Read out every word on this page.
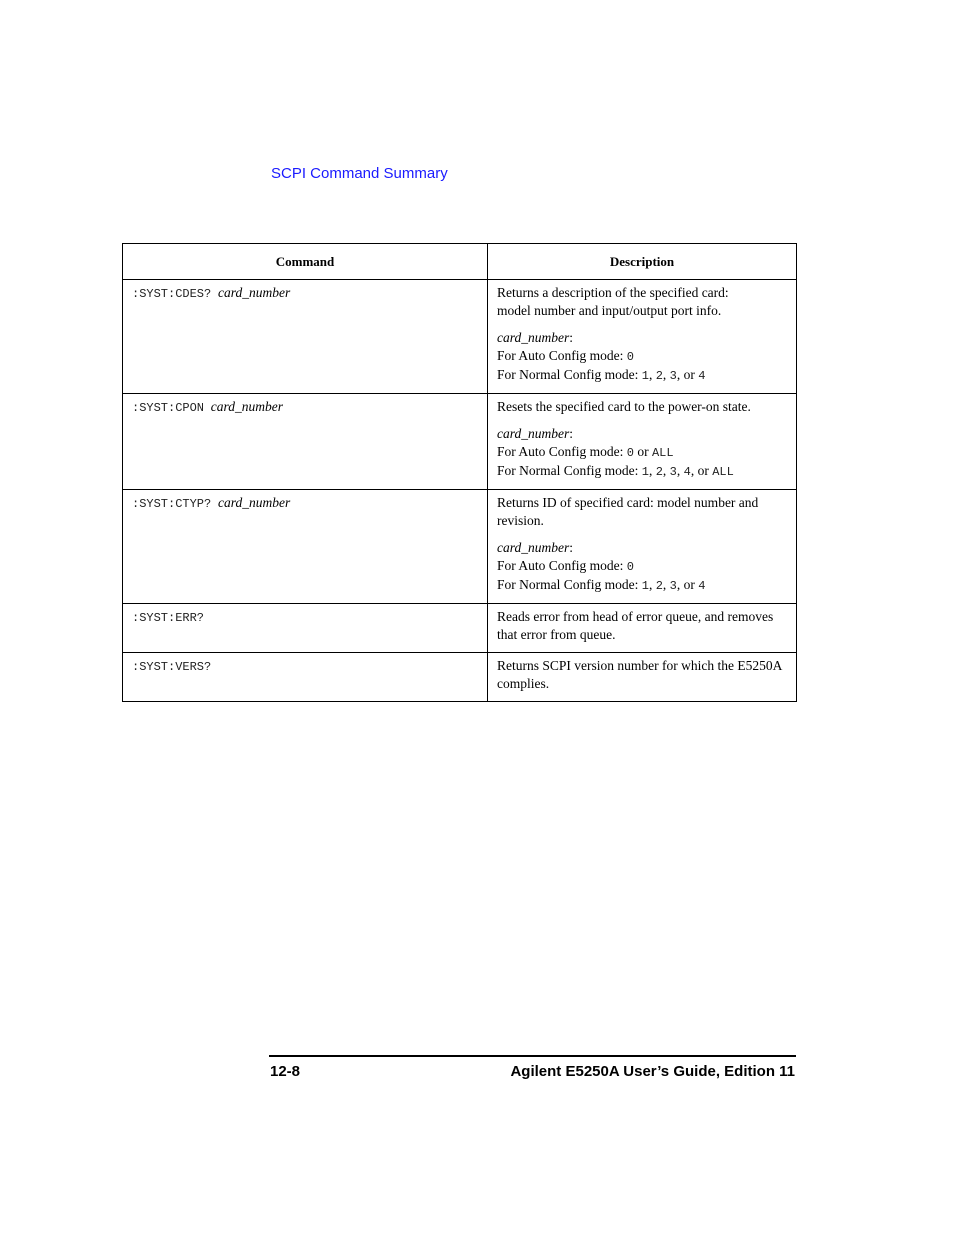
SCPI Command Summary
Command	Description
:SYST:CDES? card_number	Returns a description of the specified card:
model number and input/output port info.

card_number:
For Auto Config mode: 0
For Normal Config mode: 1, 2, 3, or 4

:SYST:CPON card_number	Resets the specified card to the power-on state.

card_number:
For Auto Config mode: 0 or ALL
For Normal Config mode: 1, 2, 3, 4, or ALL

:SYST:CTYP? card_number	Returns ID of specified card: model number and revision.

card_number:
For Auto Config mode: 0
For Normal Config mode: 1, 2, 3, or 4

:SYST:ERR?	Reads error from head of error queue, and removes that error from queue.

:SYST:VERS?	Returns SCPI version number for which the E5250A complies.

12-8	Agilent E5250A User’s Guide, Edition 11
